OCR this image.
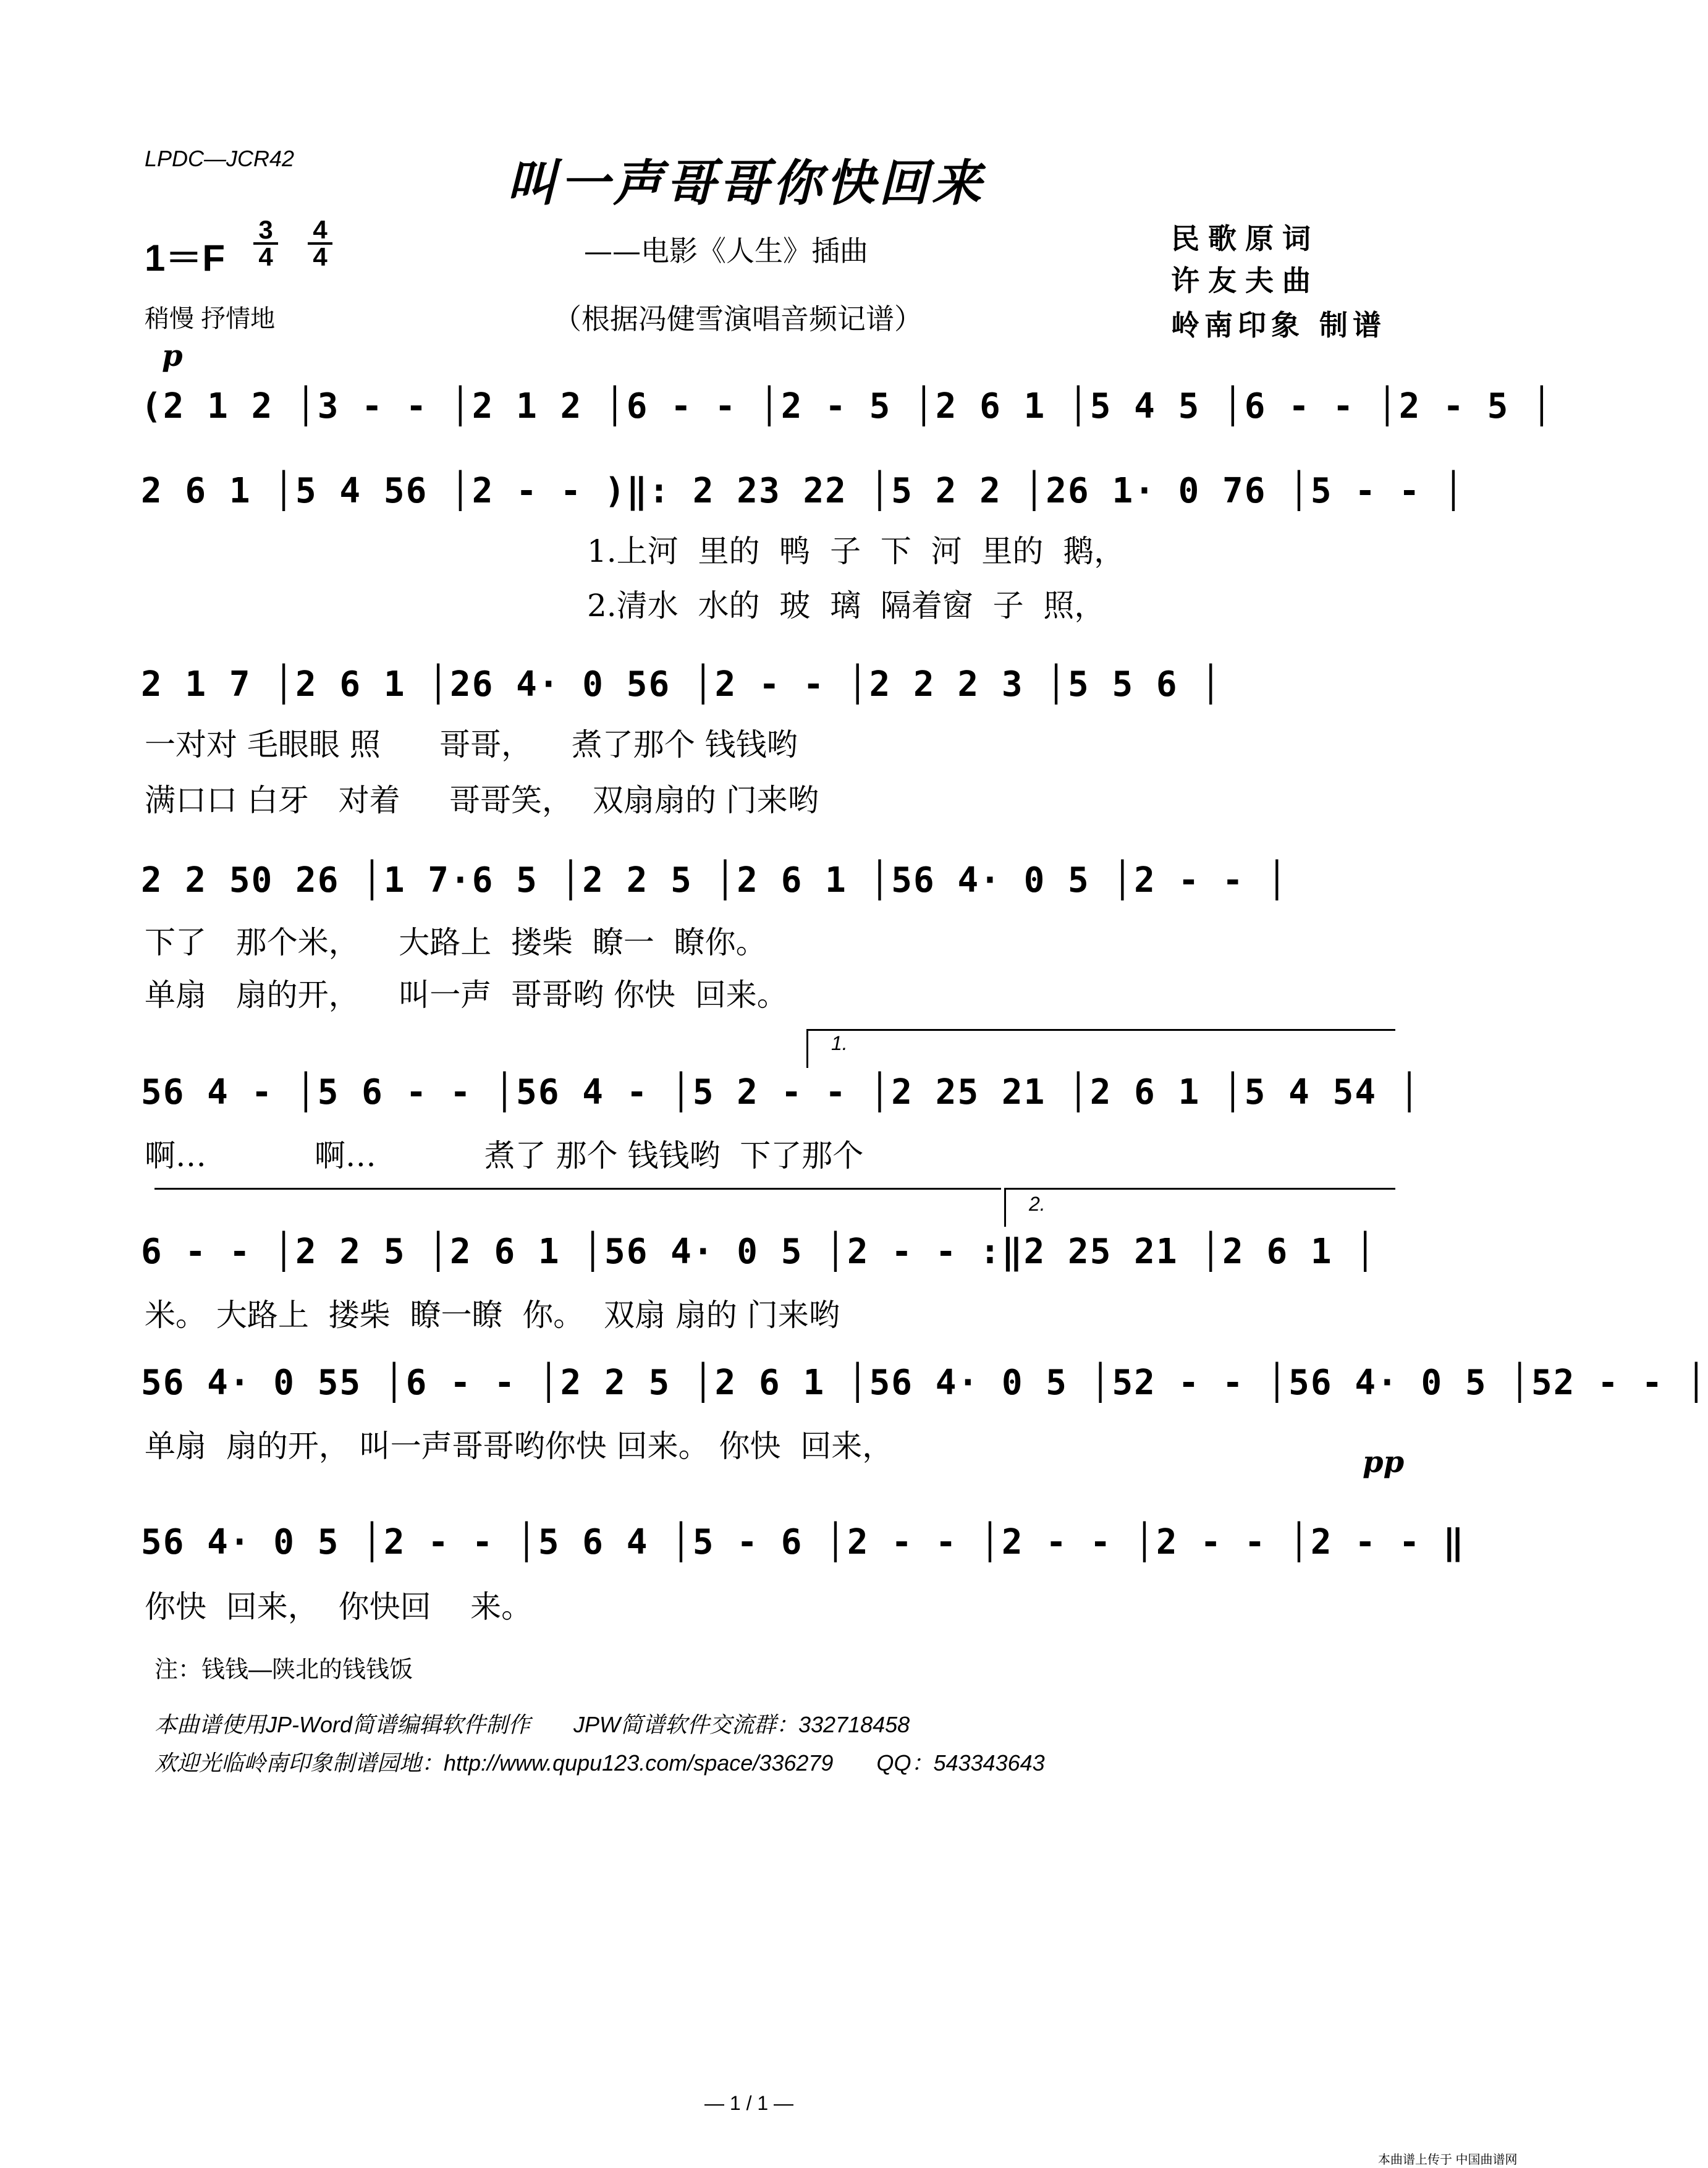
LPDC—JCR42	叫一声哥哥你快回来
——电影《人生》插曲
（根据冯健雪演唱音频记谱）
民歌原词
许友夫曲
岭南印象 制谱
$1=F \frac{3}{4} \frac{4}{4}$
稍慢 抒情地
p
(2 1 2 │3 - - │2 1 2 │6 - - │2 - 5 │2 6 1 │5 4 5 │6 - - │2 - 5 │
2 6 1 │5 4 56 │2 - - )‖: 2 23 22 │5 2 2 │26 1· 0 76 │5 - - │
1.上河  里的  鸭  子  下  河  里的  鹅，
2.清水  水的  玻  璃  隔着窗  子  照，
2 1 7 │2 6 1 │26 4· 0 56 │2 - - │2 2 2 3 │5 5 6 │
一对对 毛眼眼 照      哥哥，    煮了那个 钱钱哟
满口口 白牙   对着     哥哥笑，  双扇扇的 门来哟
2 2 50 26 │1 7·6 5 │2 2 5 │2 6 1 │56 4· 0 5 │2 - - │
下了   那个米，    大路上  搂柴  瞭一  瞭你。
单扇   扇的开，    叫一声  哥哥哟 你快  回来。
1.
56 4 - │5 6 - - │56 4 - │5 2 - - │2 25 21 │2 6 1 │5 4 54 │
啊…           啊…           煮了 那个 钱钱哟  下了那个
2.
6 - - │2 2 5 │2 6 1 │56 4· 0 5 │2 - - :‖2 25 21 │2 6 1 │
米。 大路上  搂柴  瞭一瞭  你。  双扇 扇的 门来哟
56 4· 0 55 │6 - - │2 2 5 │2 6 1 │56 4· 0 5 │52 - - │56 4· 0 5 │52 - - │
单扇  扇的开， 叫一声哥哥哟你快 回来。 你快  回来，	pp
56 4· 0 5 │2 - - │5 6 4 │5 - 6 │2 - - │2 - - │2 - - │2 - - ‖
你快  回来，  你快回    来。
注：钱钱—陕北的钱钱饭
本曲谱使用JP-Word简谱编辑软件制作       JPW简谱软件交流群：332718458
欢迎光临岭南印象制谱园地：http://www.qupu123.com/space/336279       QQ：543343643
— 1 / 1 —
本曲谱上传于 中国曲谱网
